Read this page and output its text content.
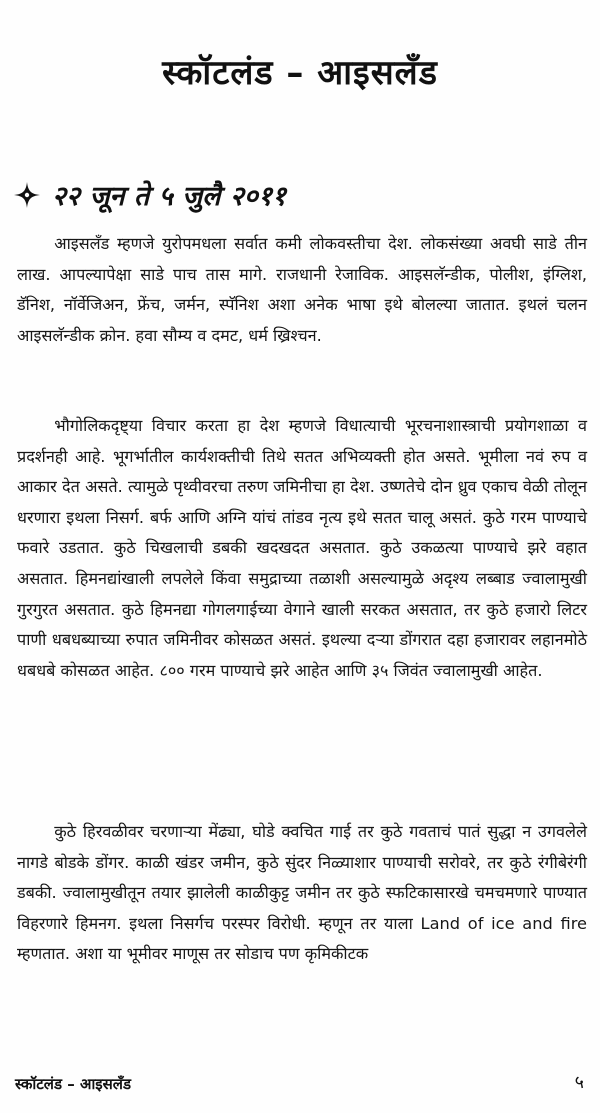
स्कॉटलंड – आइसलँड
२२ जून ते ५ जुलै २०११

आइसलँड म्हणजे युरोपमधला सर्वात कमी लोकवस्तीचा देश. लोकसंख्या अवघी साडे तीन लाख. आपल्यापेक्षा साडे पाच तास मागे. राजधानी रेजाविक. आइसलॅन्डीक, पोलीश, इंग्लिश, डॅनिश, नॉर्वेजिअन, फ्रेंच, जर्मन, स्पॅनिश अशा अनेक भाषा इथे बोलल्या जातात. इथलं चलन आइसलॅन्डीक क्रोन. हवा सौम्य व दमट, धर्म ख्रिश्चन.

भौगोलिकदृष्ट्या विचार करता हा देश म्हणजे विधात्याची भूरचनाशास्त्राची प्रयोगशाळा व प्रदर्शनही आहे. भूगर्भातील कार्यशक्तीची तिथे सतत अभिव्यक्ती होत असते. भूमीला नवं रुप व आकार देत असते. त्यामुळे पृथ्वीवरचा तरुण जमिनीचा हा देश. उष्णतेचे दोन ध्रुव एकाच वेळी तोलून धरणारा इथला निसर्ग. बर्फ आणि अग्नि यांचं तांडव नृत्य इथे सतत चालू असतं. कुठे गरम पाण्याचे फवारे उडतात. कुठे चिखलाची डबकी खदखदत असतात. कुठे उकळत्या पाण्याचे झरे वहात असतात. हिमनद्यांखाली लपलेले किंवा समुद्राच्या तळाशी असल्यामुळे अदृश्य लब्बाड ज्वालामुखी गुरगुरत असतात. कुठे हिमनद्या गोगलगाईच्या वेगाने खाली सरकत असतात, तर कुठे हजारो लिटर पाणी धबधब्याच्या रुपात जमिनीवर कोसळत असतं. इथल्या दऱ्या डोंगरात दहा हजारावर लहानमोठे धबधबे कोसळत आहेत. ८०० गरम पाण्याचे झरे आहेत आणि ३५ जिवंत ज्वालामुखी आहेत.

कुठे हिरवळीवर चरणाऱ्या मेंढ्या, घोडे क्वचित गाई तर कुठे गवताचं पातं सुद्धा न उगवलेले नागडे बोडके डोंगर. काळी खंडर जमीन, कुठे सुंदर निळ्याशार पाण्याची सरोवरे, तर कुठे रंगीबेरंगी डबकी. ज्वालामुखीतून तयार झालेली काळीकुट्ट जमीन तर कुठे स्फटिकासारखे चमचमणारे पाण्यात विहरणारे हिमनग. इथला निसर्गच परस्पर विरोधी. म्हणून तर याला Land of ice and fire म्हणतात. अशा या भूमीवर माणूस तर सोडाच पण कृमिकीटक

स्कॉटलंड – आइसलँड	५
